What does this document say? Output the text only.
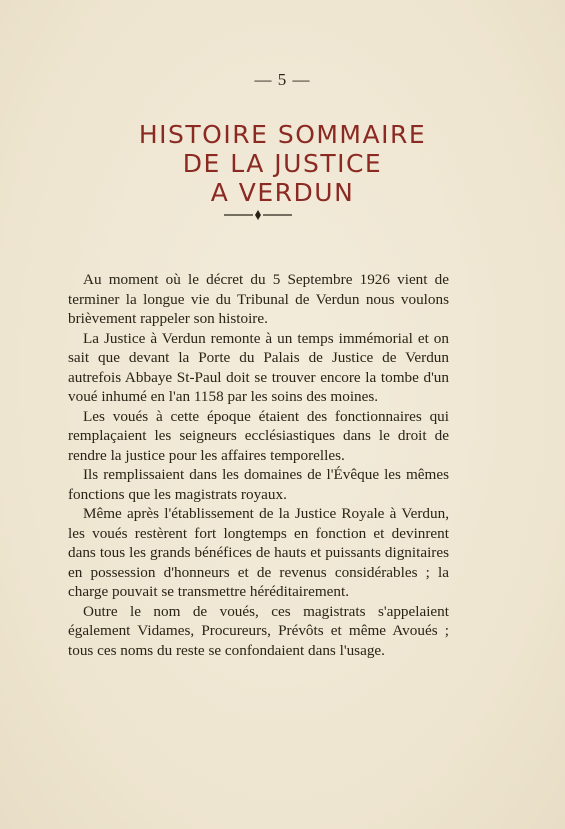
— 5 —
HISTOIRE SOMMAIRE
DE LA JUSTICE
A VERDUN

Au moment où le décret du 5 Septembre 1926 vient de terminer la longue vie du Tribunal de Verdun nous voulons brièvement rappeler son histoire.

La Justice à Verdun remonte à un temps immémorial et on sait que devant la Porte du Palais de Justice de Verdun autrefois Abbaye St-Paul doit se trouver encore la tombe d'un voué inhumé en l'an 1158 par les soins des moines.

Les voués à cette époque étaient des fonctionnaires qui remplaçaient les seigneurs ecclésiastiques dans le droit de rendre la justice pour les affaires temporelles.

Ils remplissaient dans les domaines de l'Évêque les mêmes fonctions que les magistrats royaux.

Même après l'établissement de la Justice Royale à Verdun, les voués restèrent fort longtemps en fonction et devinrent dans tous les grands bénéfices de hauts et puissants dignitaires en possession d'honneurs et de revenus considérables ; la charge pouvait se transmettre héréditairement.

Outre le nom de voués, ces magistrats s'appelaient également Vidames, Procureurs, Prévôts et même Avoués ; tous ces noms du reste se confondaient dans l'usage.
